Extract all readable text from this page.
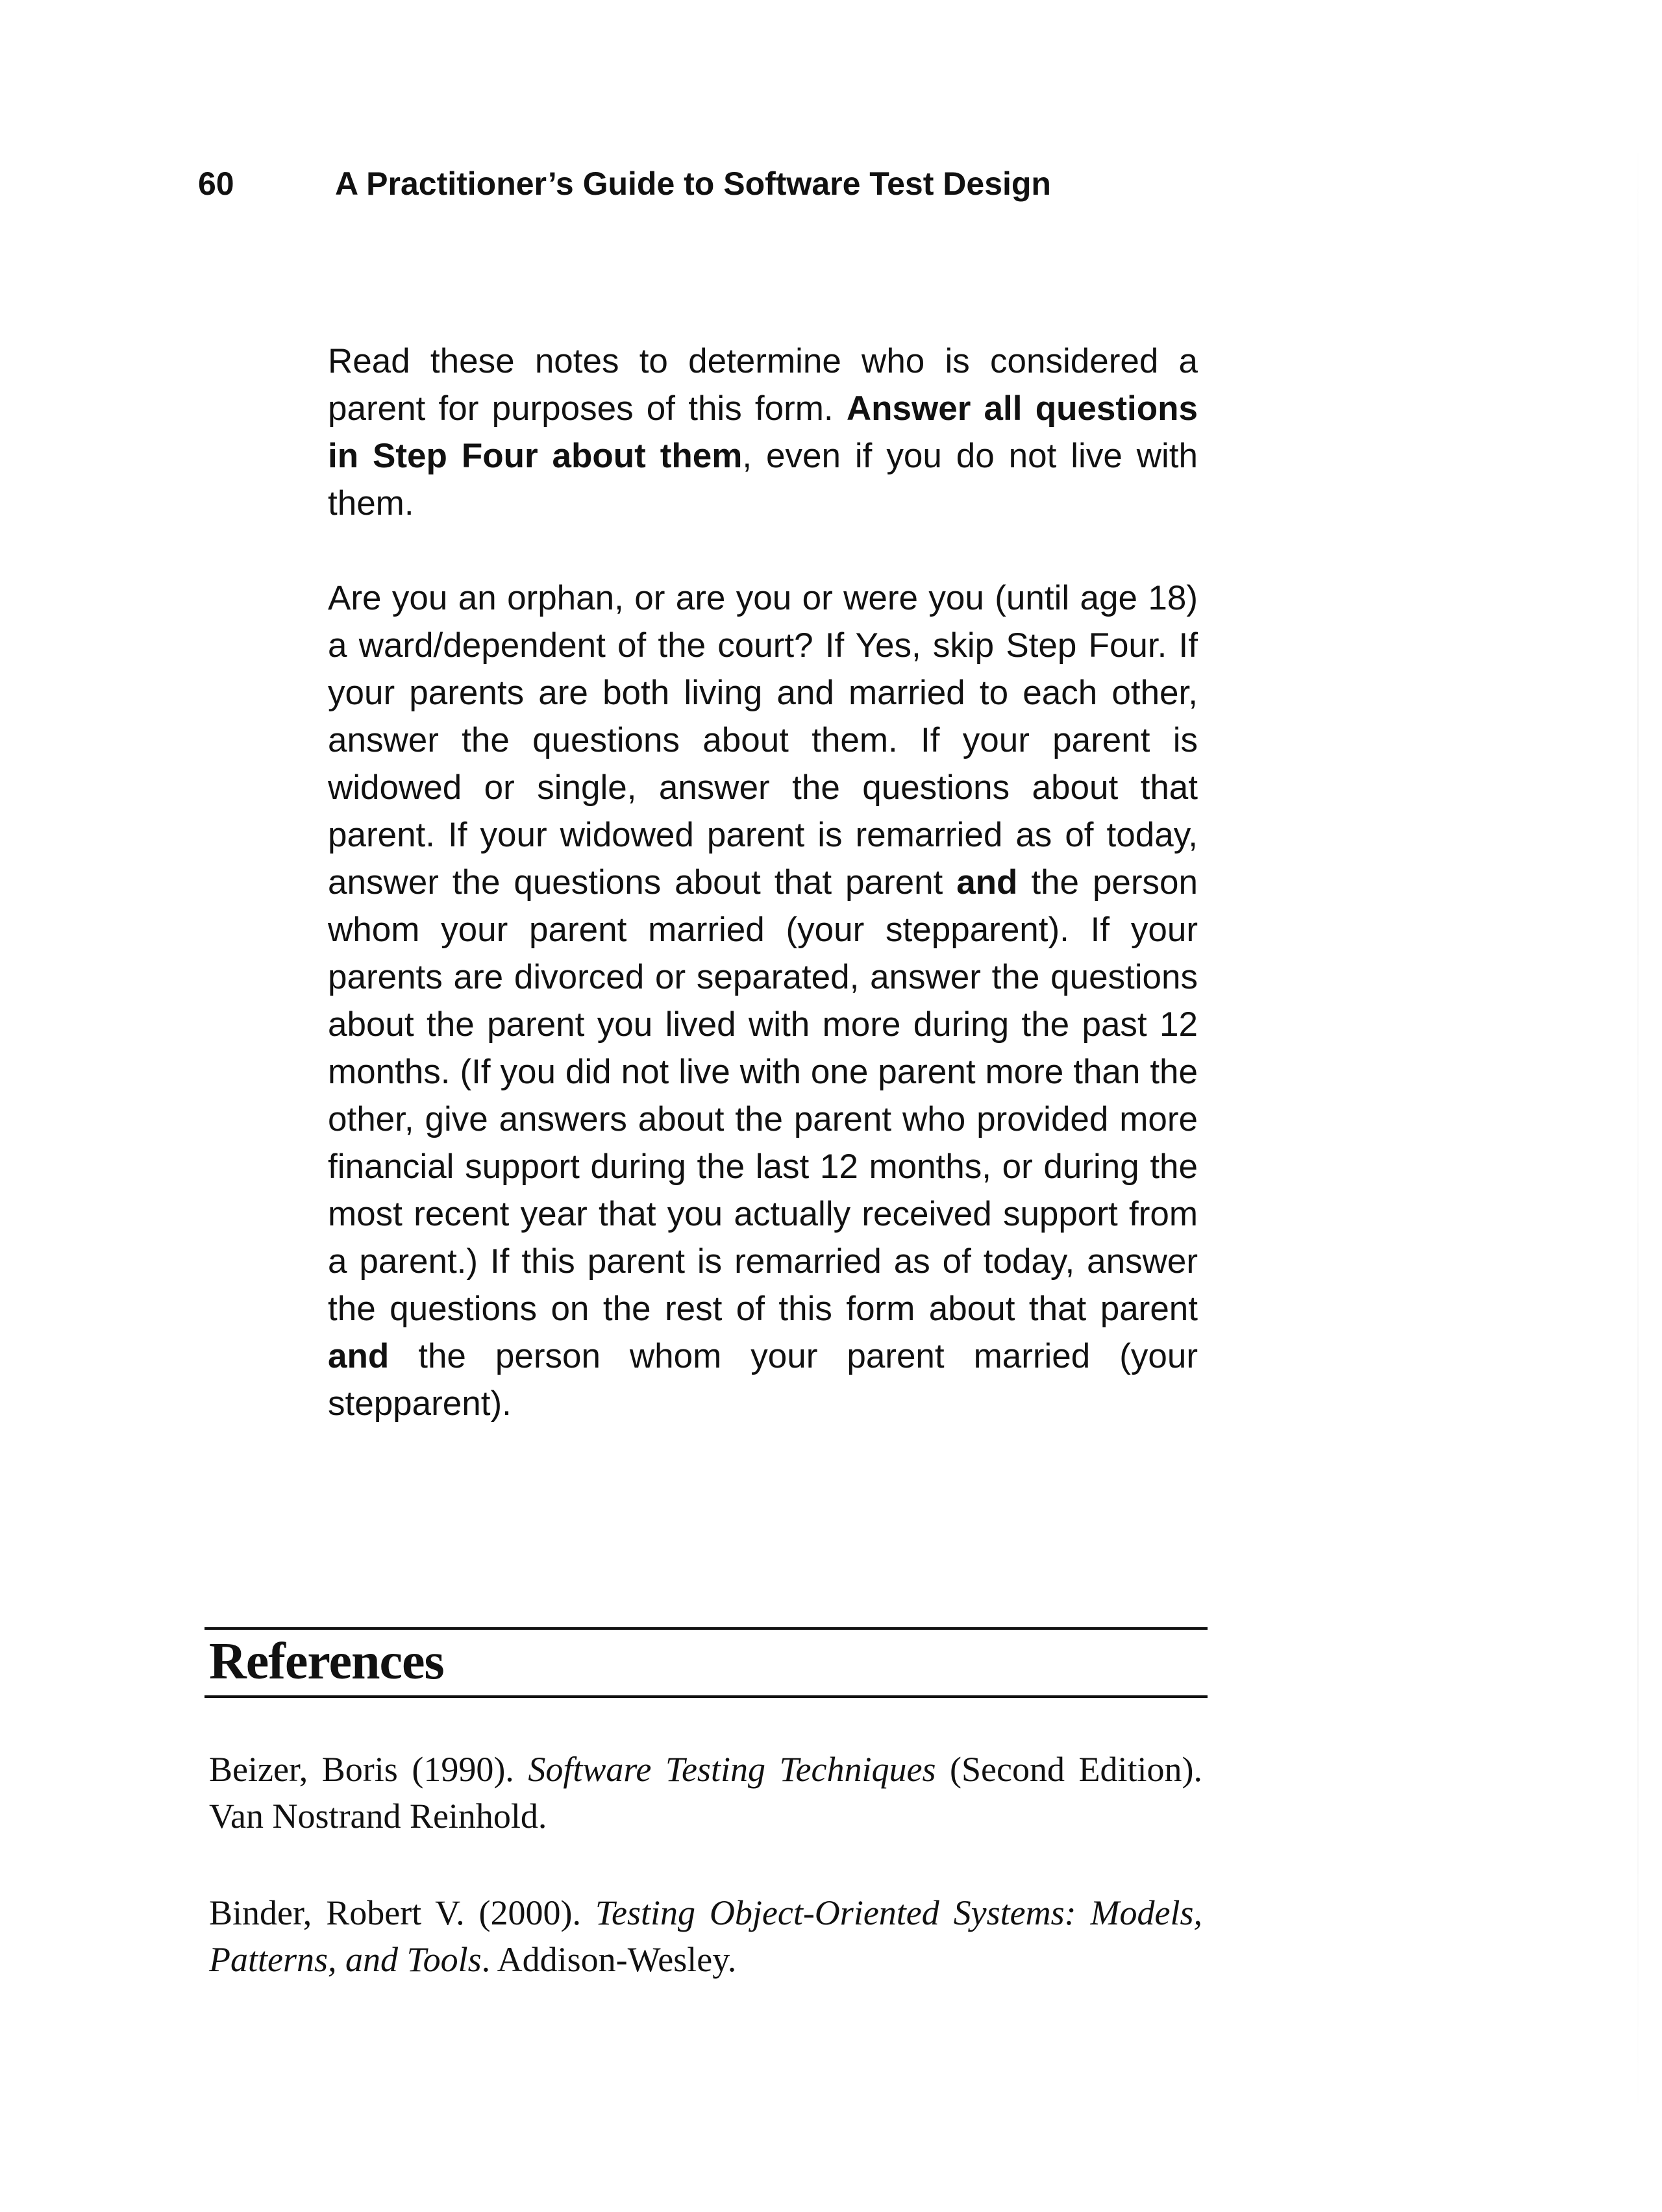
60	A Practitioner’s Guide to Software Test Design

Read these notes to determine who is considered a parent for purposes of this form. Answer all questions in Step Four about them, even if you do not live with them.

Are you an orphan, or are you or were you (until age 18) a ward/dependent of the court? If Yes, skip Step Four. If your parents are both living and married to each other, answer the questions about them. If your parent is widowed or single, answer the questions about that parent. If your widowed parent is remarried as of today, answer the questions about that parent and the person whom your parent married (your stepparent). If your parents are divorced or separated, answer the questions about the parent you lived with more during the past 12 months. (If you did not live with one parent more than the other, give answers about the parent who provided more financial support during the last 12 months, or during the most recent year that you actually received support from a parent.) If this parent is remarried as of today, answer the questions on the rest of this form about that parent and the person whom your parent married (your stepparent).

References

Beizer, Boris (1990). Software Testing Techniques (Second Edition). Van Nostrand Reinhold.

Binder, Robert V. (2000). Testing Object-Oriented Systems: Models, Patterns, and Tools. Addison-Wesley.
